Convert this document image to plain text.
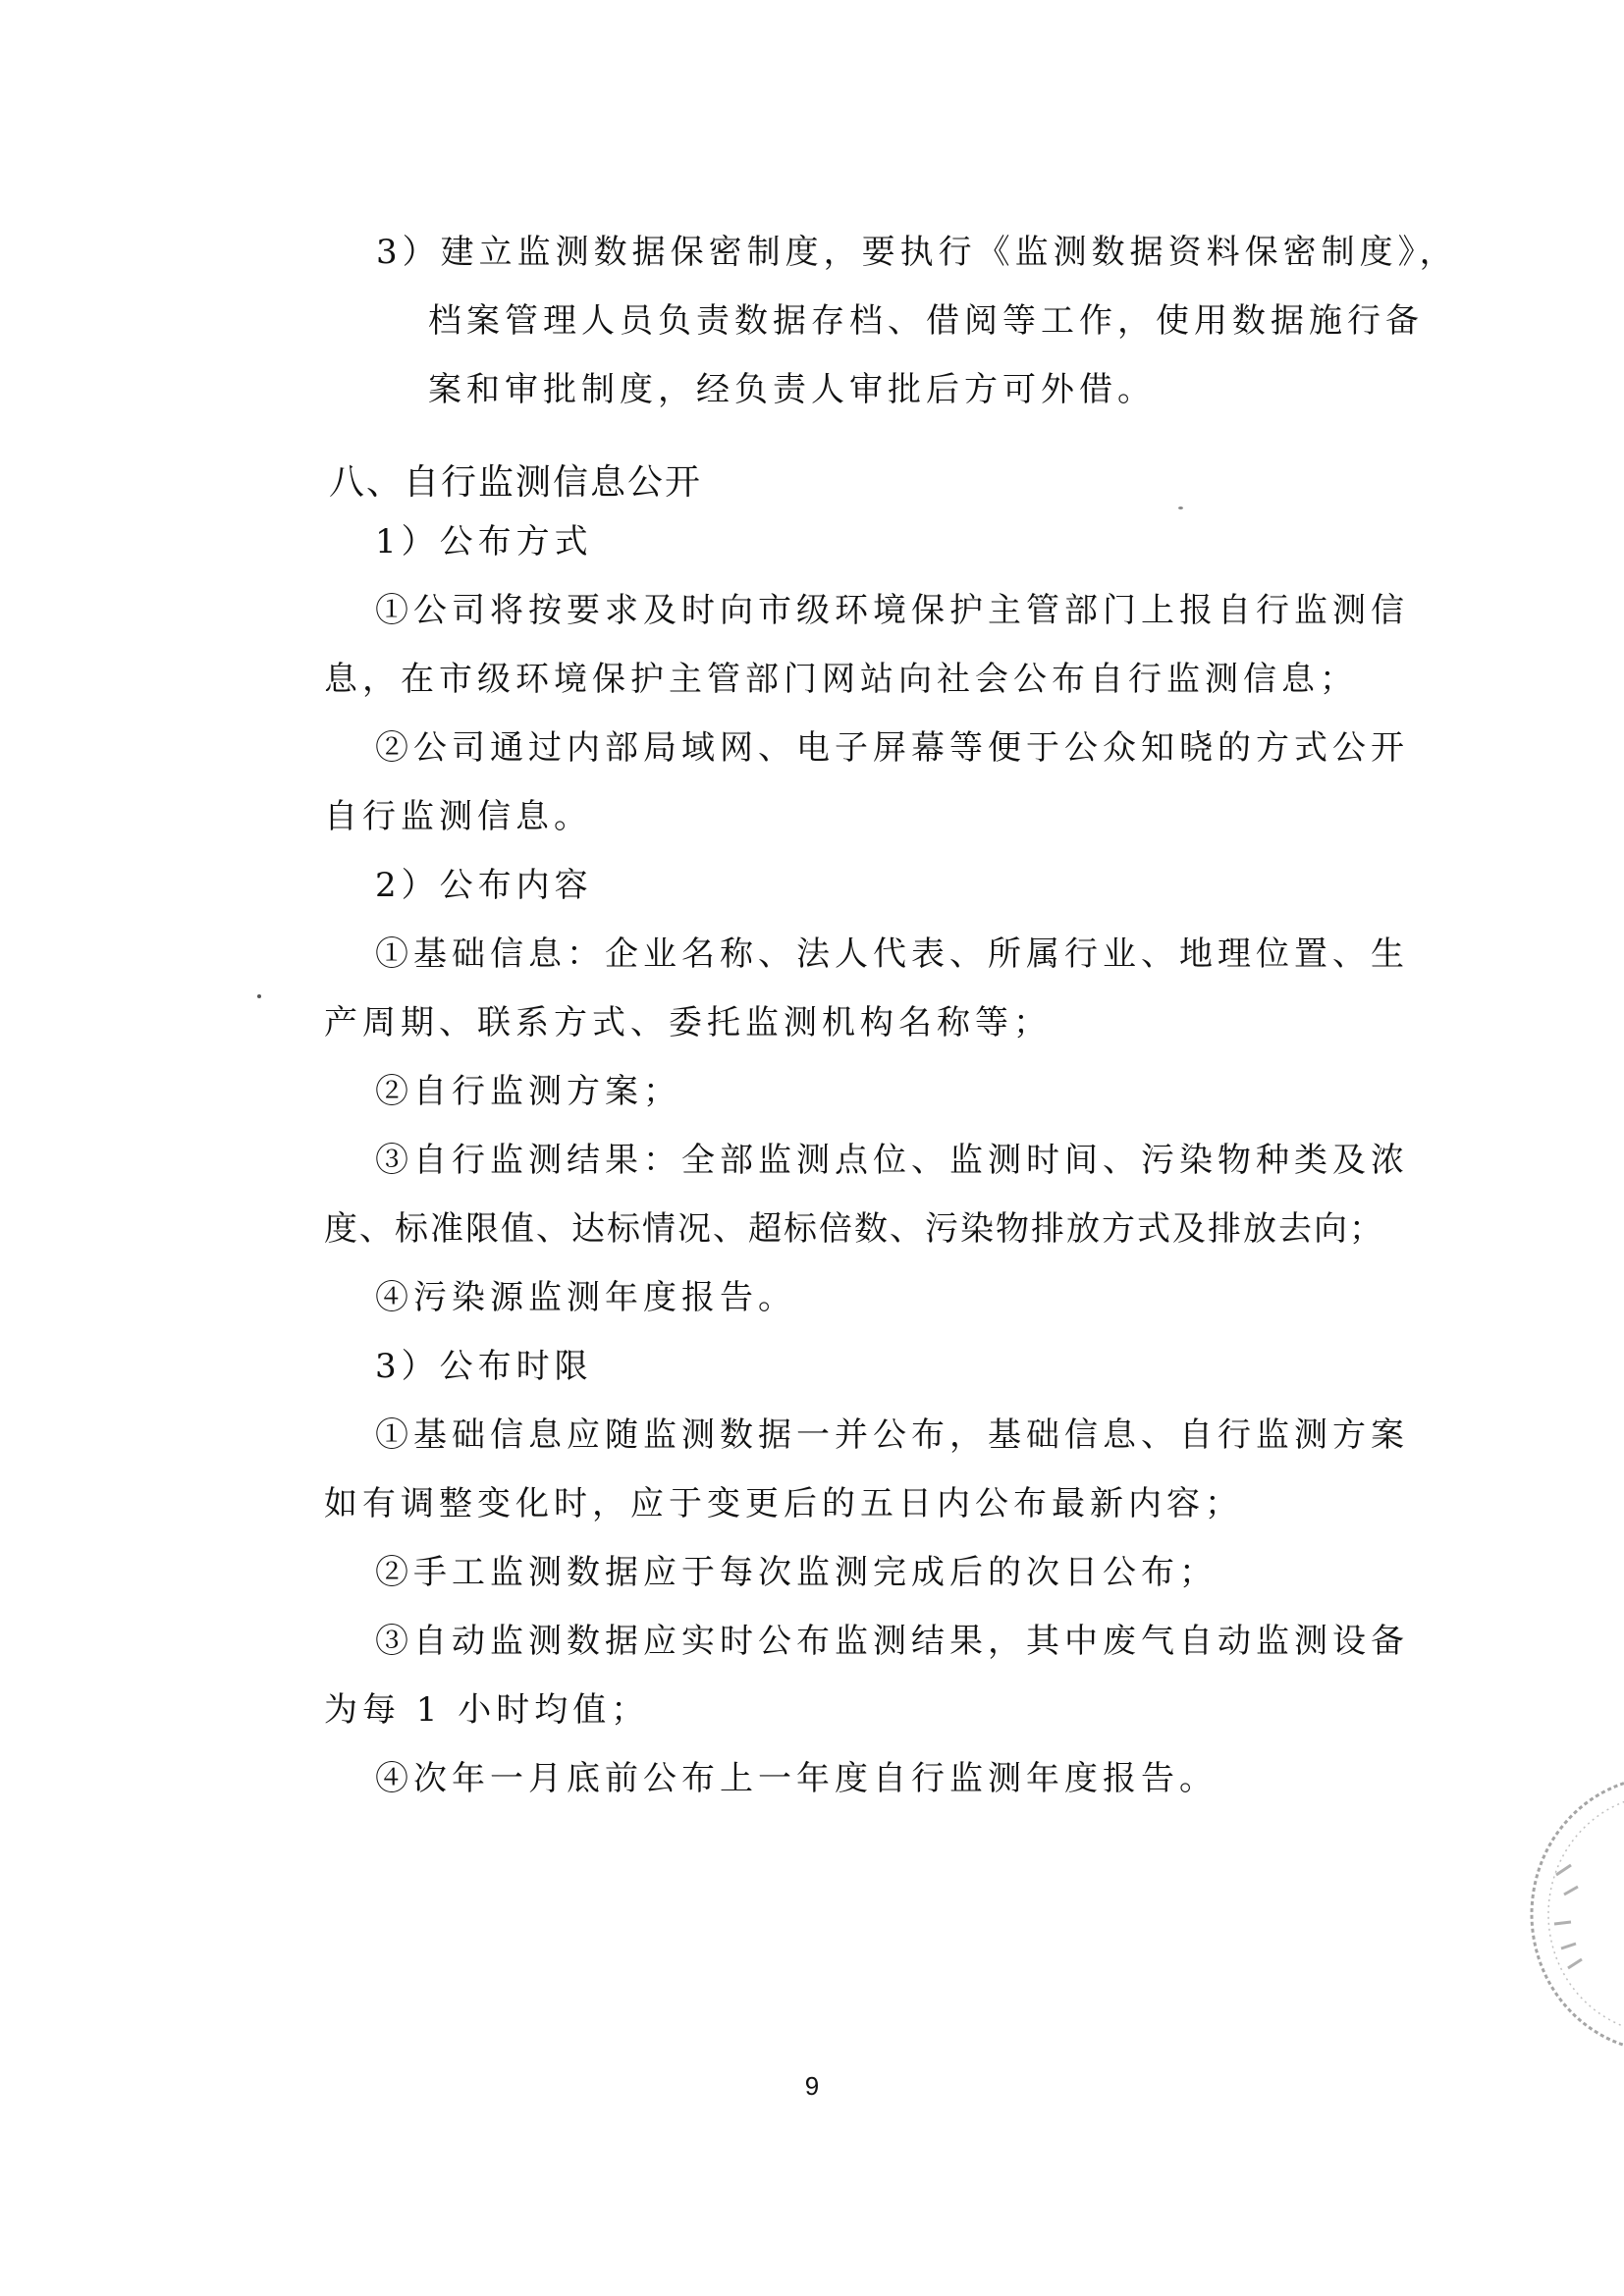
3）建立监测数据保密制度，要执行《监测数据资料保密制度》，
档案管理人员负责数据存档、借阅等工作，使用数据施行备
案和审批制度，经负责人审批后方可外借。
八、自行监测信息公开
1）公布方式
①公司将按要求及时向市级环境保护主管部门上报自行监测信
息，在市级环境保护主管部门网站向社会公布自行监测信息；
②公司通过内部局域网、电子屏幕等便于公众知晓的方式公开
自行监测信息。
2）公布内容
①基础信息：企业名称、法人代表、所属行业、地理位置、生
产周期、联系方式、委托监测机构名称等；
②自行监测方案；
③自行监测结果：全部监测点位、监测时间、污染物种类及浓
度、标准限值、达标情况、超标倍数、污染物排放方式及排放去向；
④污染源监测年度报告。
3）公布时限
①基础信息应随监测数据一并公布，基础信息、自行监测方案
如有调整变化时，应于变更后的五日内公布最新内容；
②手工监测数据应于每次监测完成后的次日公布；
③自动监测数据应实时公布监测结果，其中废气自动监测设备
为每 1 小时均值；
④次年一月底前公布上一年度自行监测年度报告。
9
